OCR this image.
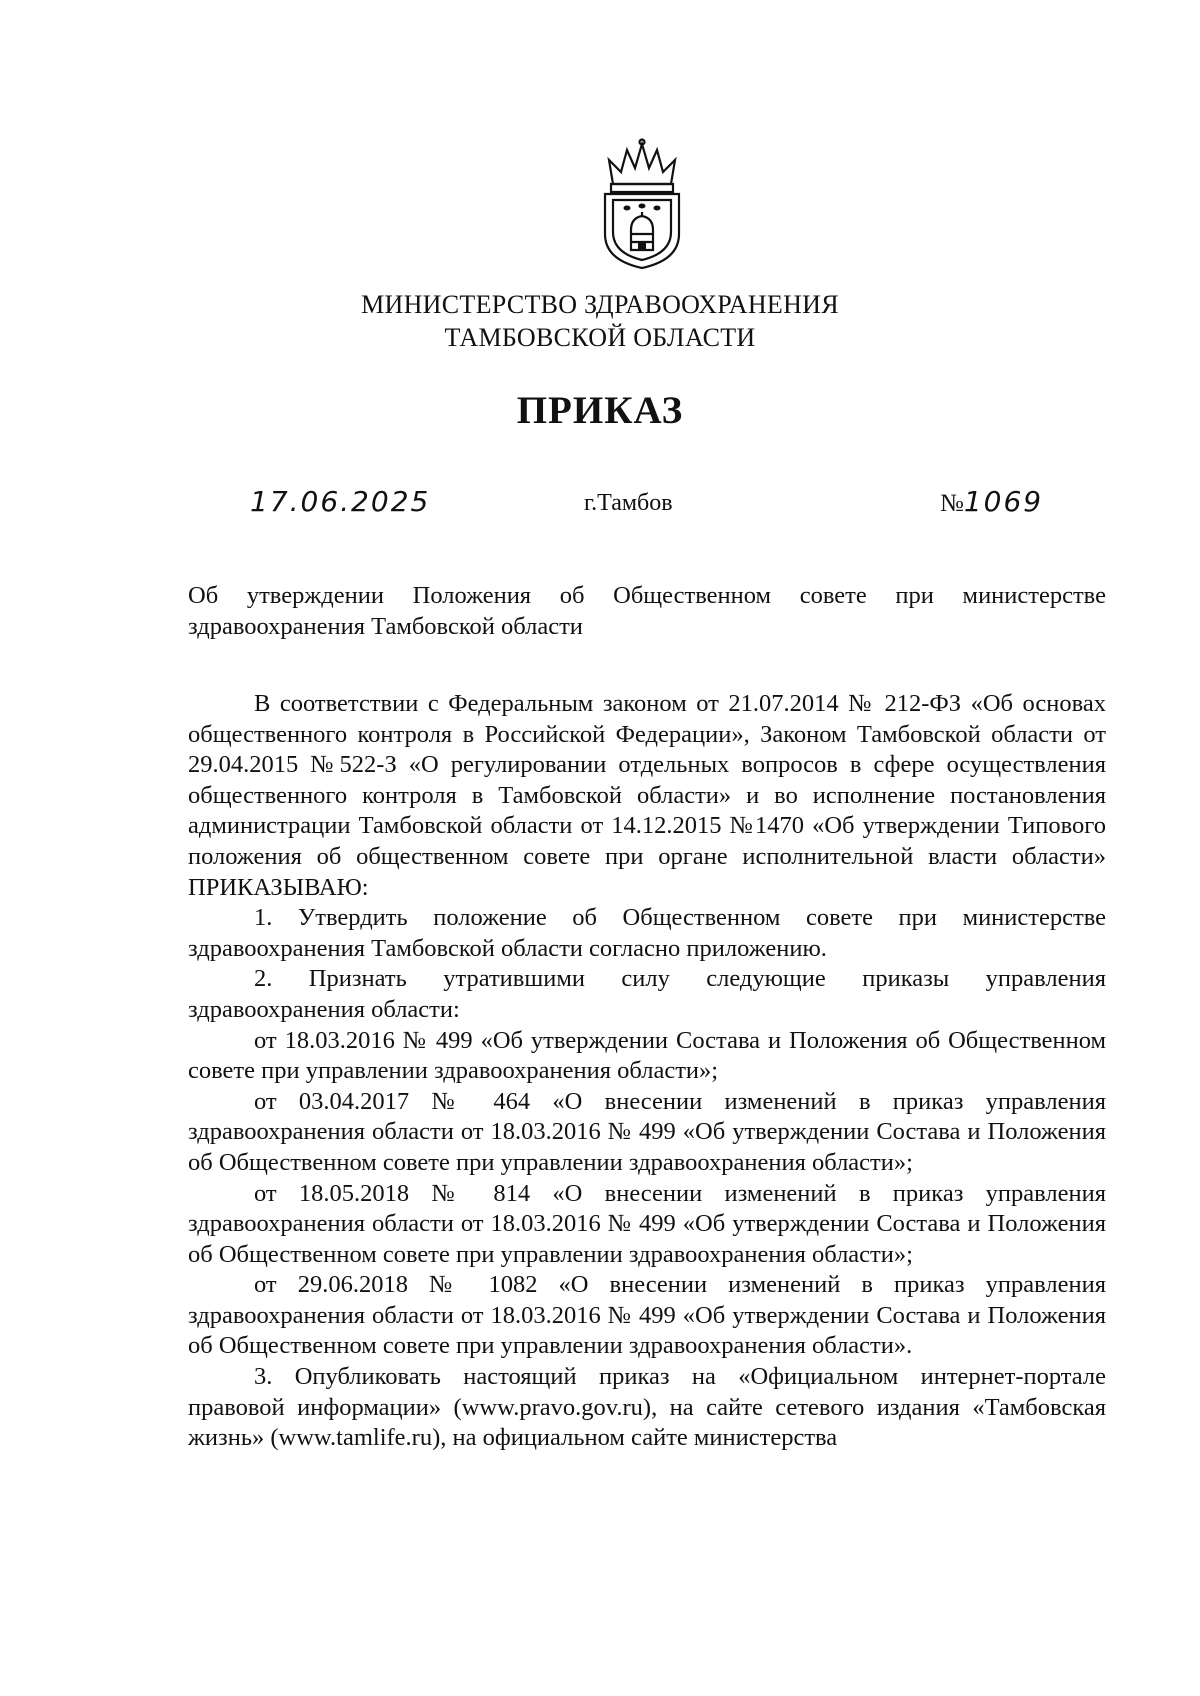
МИНИСТЕРСТВО ЗДРАВООХРАНЕНИЯ
ТАМБОВСКОЙ ОБЛАСТИ
ПРИКАЗ
17.06.2025	г.Тамбов	№1069
Об утверждении Положения об Общественном совете при министерстве здравоохранения Тамбовской области

В соответствии с Федеральным законом от 21.07.2014 № 212-ФЗ «Об основах общественного контроля в Российской Федерации», Законом Тамбовской области от 29.04.2015 №522-З «О регулировании отдельных вопросов в сфере осуществления общественного контроля в Тамбовской области» и во исполнение постановления администрации Тамбовской области от 14.12.2015 №1470 «Об утверждении Типового положения об общественном совете при органе исполнительной власти области» ПРИКАЗЫВАЮ:

1. Утвердить положение об Общественном совете при министерстве здравоохранения Тамбовской области согласно приложению.

2. Признать утратившими силу следующие приказы управления здравоохранения области:

от 18.03.2016 № 499 «Об утверждении Состава и Положения об Общественном совете при управлении здравоохранения области»;

от 03.04.2017 № 464 «О внесении изменений в приказ управления здравоохранения области от 18.03.2016 № 499 «Об утверждении Состава и Положения об Общественном совете при управлении здравоохранения области»;

от 18.05.2018 № 814 «О внесении изменений в приказ управления здравоохранения области от 18.03.2016 № 499 «Об утверждении Состава и Положения об Общественном совете при управлении здравоохранения области»;

от 29.06.2018 № 1082 «О внесении изменений в приказ управления здравоохранения области от 18.03.2016 № 499 «Об утверждении Состава и Положения об Общественном совете при управлении здравоохранения области».

3. Опубликовать настоящий приказ на «Официальном интернет-портале правовой информации» (www.pravo.gov.ru), на сайте сетевого издания «Тамбовская жизнь» (www.tamlife.ru), на официальном сайте министерства
